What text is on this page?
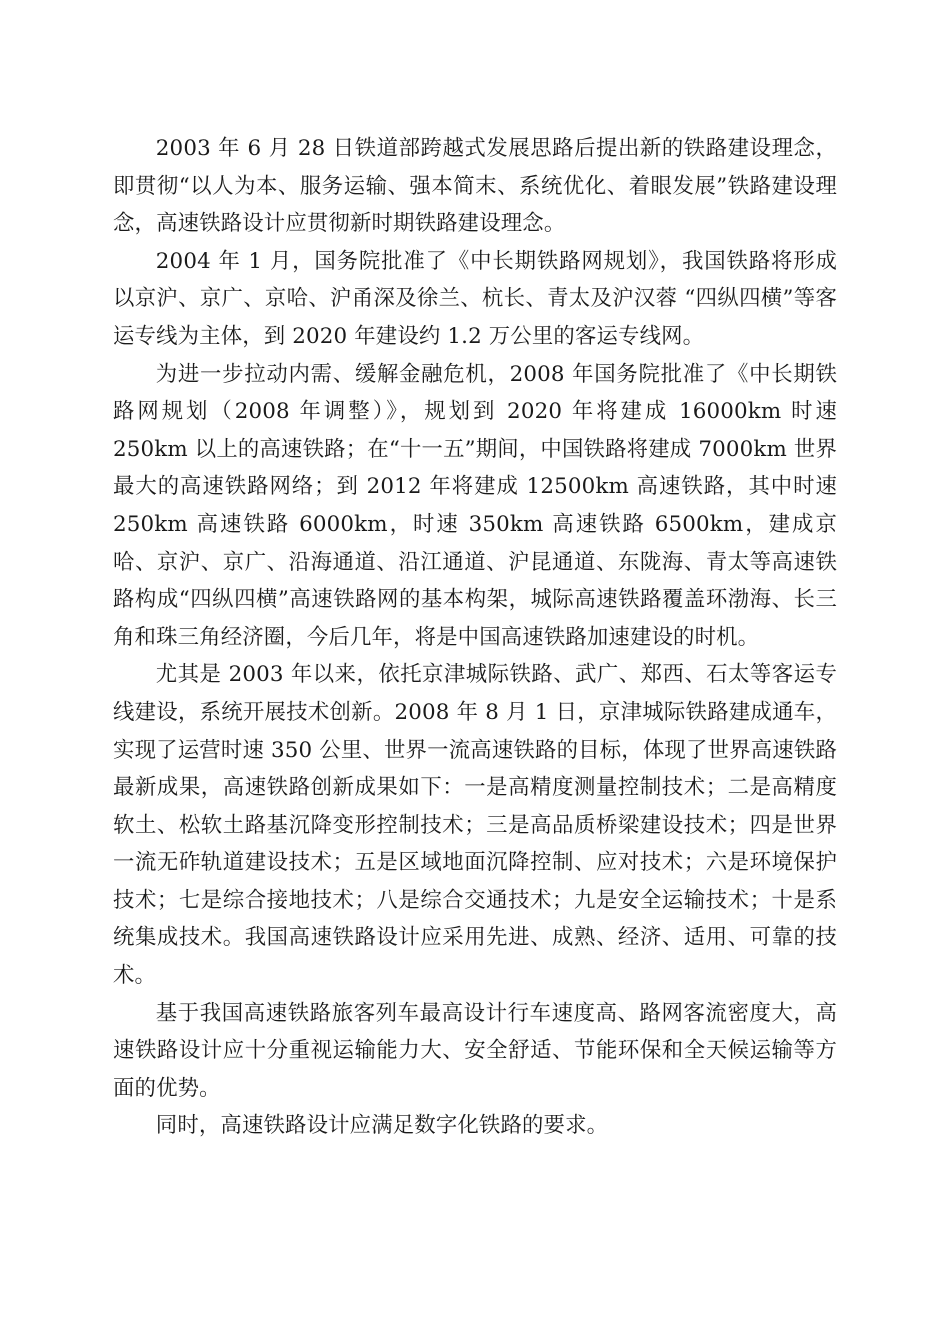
2003 年 6 月 28 日铁道部跨越式发展思路后提出新的铁路建设理念，即贯彻“以人为本、服务运输、强本简末、系统优化、着眼发展”铁路建设理念，高速铁路设计应贯彻新时期铁路建设理念。

2004 年 1 月，国务院批准了《中长期铁路网规划》，我国铁路将形成以京沪、京广、京哈、沪甬深及徐兰、杭长、青太及沪汉蓉 “四纵四横”等客运专线为主体，到 2020 年建设约 1.2 万公里的客运专线网。

为进一步拉动内需、缓解金融危机，2008 年国务院批准了《中长期铁路网规划（2008 年调整）》，规划到 2020 年将建成 16000km 时速 250km 以上的高速铁路；在“十一五”期间，中国铁路将建成 7000km 世界最大的高速铁路网络；到 2012 年将建成 12500km 高速铁路，其中时速 250km 高速铁路 6000km，时速 350km 高速铁路 6500km，建成京哈、京沪、京广、沿海通道、沿江通道、沪昆通道、东陇海、青太等高速铁路构成“四纵四横”高速铁路网的基本构架，城际高速铁路覆盖环渤海、长三角和珠三角经济圈，今后几年，将是中国高速铁路加速建设的时机。

尤其是 2003 年以来，依托京津城际铁路、武广、郑西、石太等客运专线建设，系统开展技术创新。2008 年 8 月 1 日，京津城际铁路建成通车，实现了运营时速 350 公里、世界一流高速铁路的目标，体现了世界高速铁路最新成果，高速铁路创新成果如下：一是高精度测量控制技术；二是高精度软土、松软土路基沉降变形控制技术；三是高品质桥梁建设技术；四是世界一流无砟轨道建设技术；五是区域地面沉降控制、应对技术；六是环境保护技术；七是综合接地技术；八是综合交通技术；九是安全运输技术；十是系统集成技术。我国高速铁路设计应采用先进、成熟、经济、适用、可靠的技术。

基于我国高速铁路旅客列车最高设计行车速度高、路网客流密度大，高速铁路设计应十分重视运输能力大、安全舒适、节能环保和全天候运输等方面的优势。

同时，高速铁路设计应满足数字化铁路的要求。
